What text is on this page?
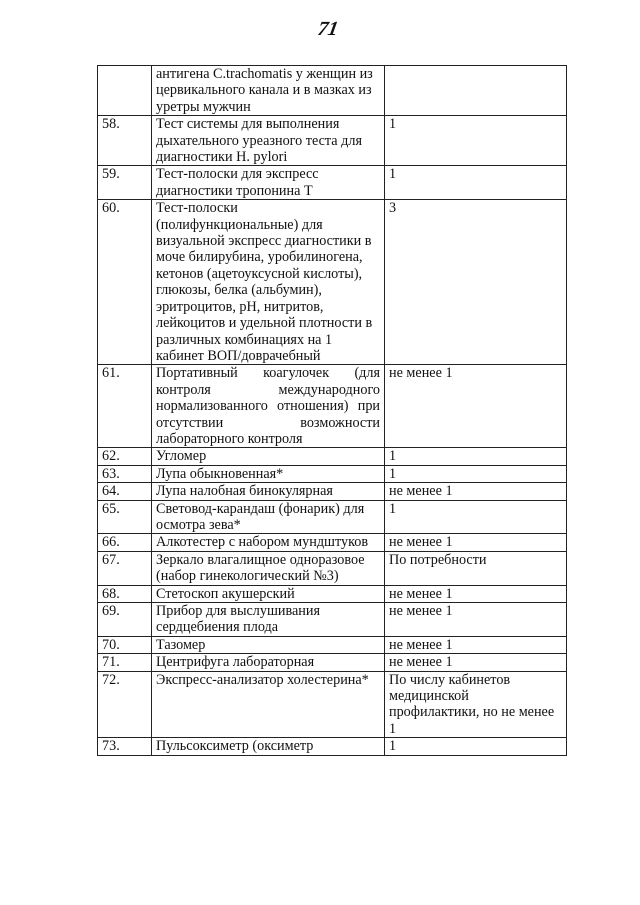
71
	антигена C.trachomatis у женщин из цервикального канала и в мазках из уретры мужчин	
58.	Тест системы для выполнения дыхательного уреазного теста для диагностики H. pylori	1
59.	Тест-полоски для экспресс диагностики тропонина Т	1
60.	Тест-полоски (полифункциональные) для визуальной экспресс диагностики в моче билирубина, уробилиногена, кетонов (ацетоуксусной кислоты), глюкозы, белка (альбумин), эритроцитов, pH, нитритов, лейкоцитов и удельной плотности в различных комбинациях на 1 кабинет ВОП/доврачебный	3
61.	Портативный коагулочек (для контроля международного нормализованного отношения) при отсутствии возможности лабораторного контроля	не менее 1
62.	Угломер	1
63.	Лупа обыкновенная*	1
64.	Лупа налобная бинокулярная	не менее 1
65.	Световод-карандаш (фонарик) для осмотра зева*	1
66.	Алкотестер с набором мундштуков	не менее 1
67.	Зеркало влагалищное одноразовое (набор гинекологический №3)	По потребности
68.	Стетоскоп акушерский	не менее 1
69.	Прибор для выслушивания сердцебиения плода	не менее 1
70.	Тазомер	не менее 1
71.	Центрифуга лабораторная	не менее 1
72.	Экспресс-анализатор холестерина*	По числу кабинетов медицинской профилактики, но не менее 1
73.	Пульсоксиметр (оксиметр	1
